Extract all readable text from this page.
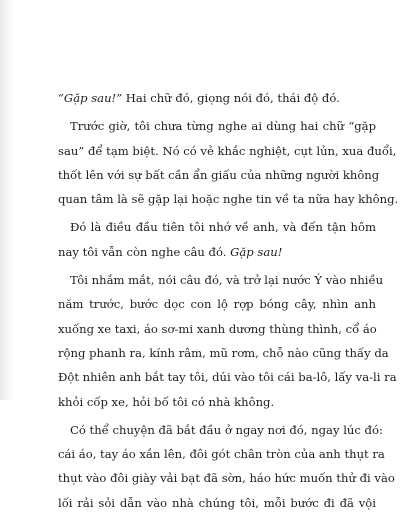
“Gặp sau!” Hai chữ đó, giọng nói đó, thái độ đó.

Trước giờ, tôi chưa từng nghe ai dùng hai chữ “gặp
sau” để tạm biệt. Nó có vẻ khắc nghiệt, cụt lủn, xua đuổi,
thốt lên với sự bất cần ẩn giấu của những người không
quan tâm là sẽ gặp lại hoặc nghe tin về ta nữa hay không.

Đó là điều đầu tiên tôi nhớ về anh, và đến tận hôm
nay tôi vẫn còn nghe câu đó. Gặp sau!

Tôi nhắm mắt, nói câu đó, và trở lại nước Ý vào nhiều
năm trước, bước dọc con lộ rợp bóng cây, nhìn anh
xuống xe taxi, áo sơ-mi xanh dương thùng thình, cổ áo
rộng phanh ra, kính râm, mũ rơm, chỗ nào cũng thấy da
Đột nhiên anh bắt tay tôi, dúi vào tôi cái ba-lô, lấy va-li ra
khỏi cốp xe, hỏi bố tôi có nhà không.

Có thể chuyện đã bắt đầu ở ngay nơi đó, ngay lúc đó:
cái áo, tay áo xắn lên, đôi gót chân tròn của anh thụt ra
thụt vào đôi giày vải bạt đã sờn, háo hức muốn thử đi vào
lối rải sỏi dẫn vào nhà chúng tôi, mỗi bước đi đã vội
